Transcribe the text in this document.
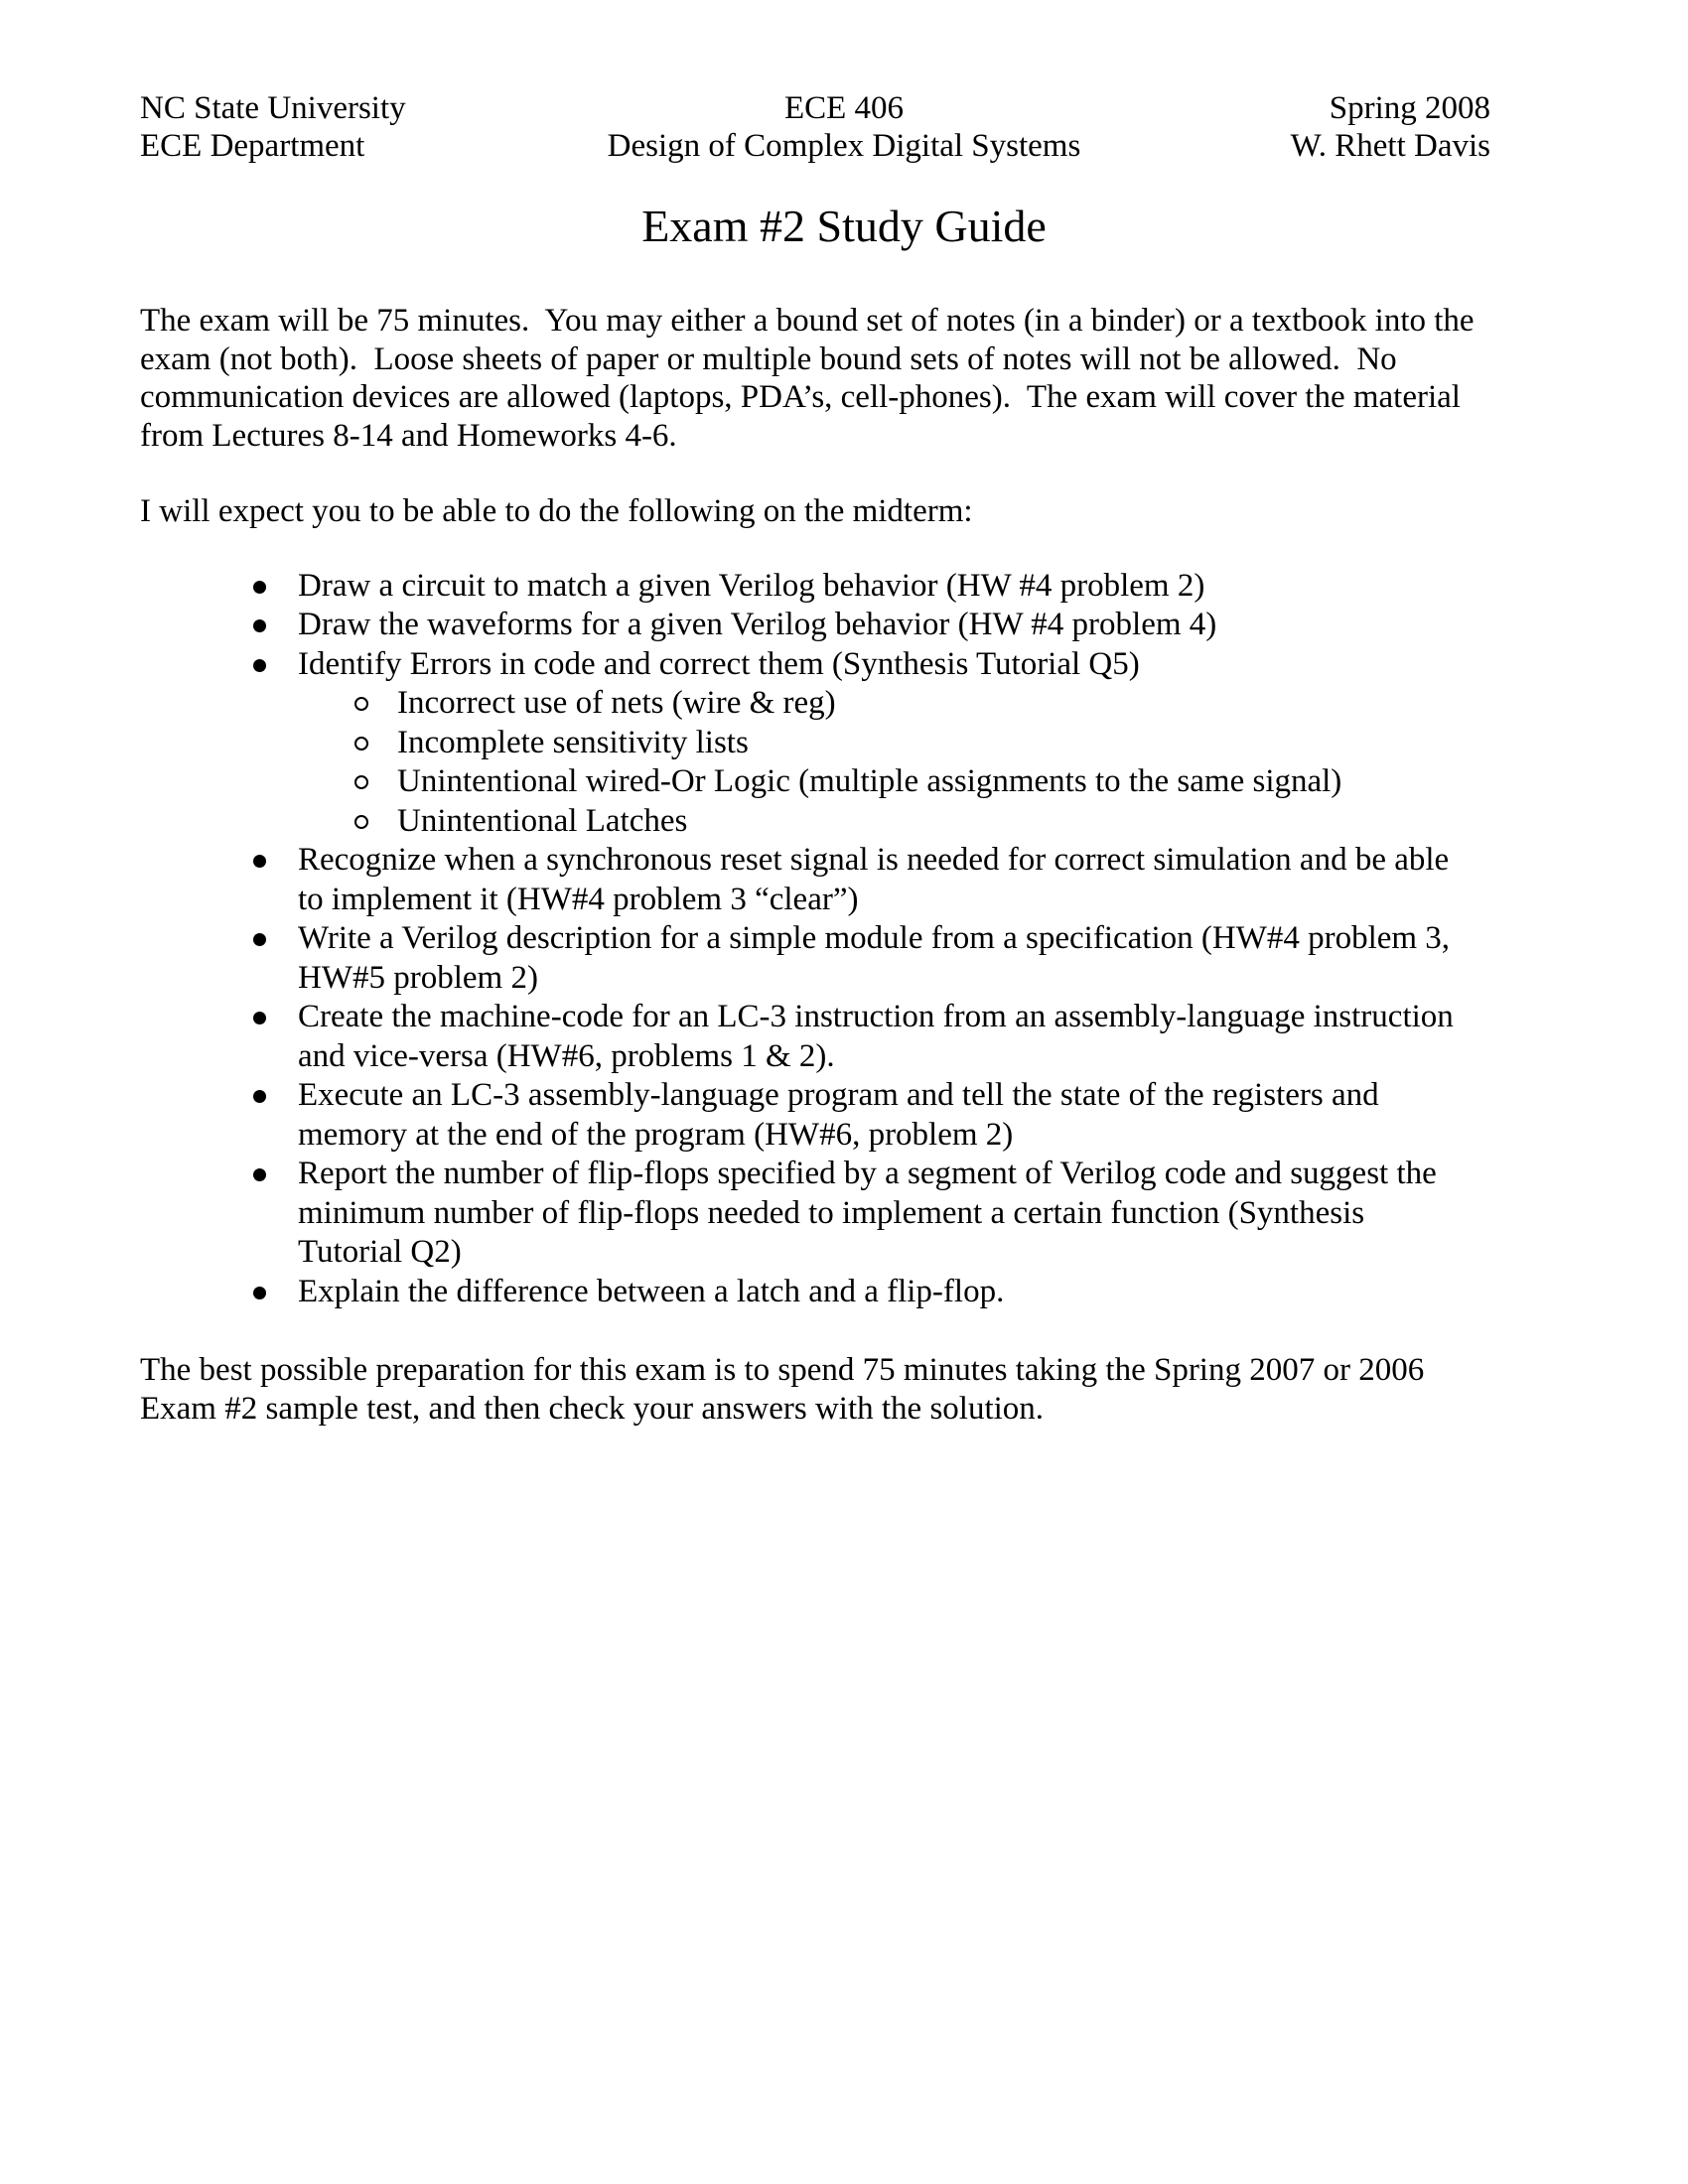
NC State University
ECE Department
ECE 406
Design of Complex Digital Systems
Spring 2008
W. Rhett Davis
Exam #2 Study Guide
The exam will be 75 minutes.  You may either a bound set of notes (in a binder) or a textbook into the exam (not both).  Loose sheets of paper or multiple bound sets of notes will not be allowed.  No communication devices are allowed (laptops, PDA’s, cell-phones).  The exam will cover the material from Lectures 8-14 and Homeworks 4-6.
I will expect you to be able to do the following on the midterm:
Draw a circuit to match a given Verilog behavior (HW #4 problem 2)
Draw the waveforms for a given Verilog behavior (HW #4 problem 4)
Identify Errors in code and correct them (Synthesis Tutorial Q5)
Incorrect use of nets (wire & reg)
Incomplete sensitivity lists
Unintentional wired-Or Logic (multiple assignments to the same signal)
Unintentional Latches
Recognize when a synchronous reset signal is needed for correct simulation and be able to implement it (HW#4 problem 3 “clear”)
Write a Verilog description for a simple module from a specification (HW#4 problem 3, HW#5 problem 2)
Create the machine-code for an LC-3 instruction from an assembly-language instruction and vice-versa (HW#6, problems 1 & 2).
Execute an LC-3 assembly-language program and tell the state of the registers and memory at the end of the program (HW#6, problem 2)
Report the number of flip-flops specified by a segment of Verilog code and suggest the minimum number of flip-flops needed to implement a certain function (Synthesis Tutorial Q2)
Explain the difference between a latch and a flip-flop.
The best possible preparation for this exam is to spend 75 minutes taking the Spring 2007 or 2006 Exam #2 sample test, and then check your answers with the solution.
